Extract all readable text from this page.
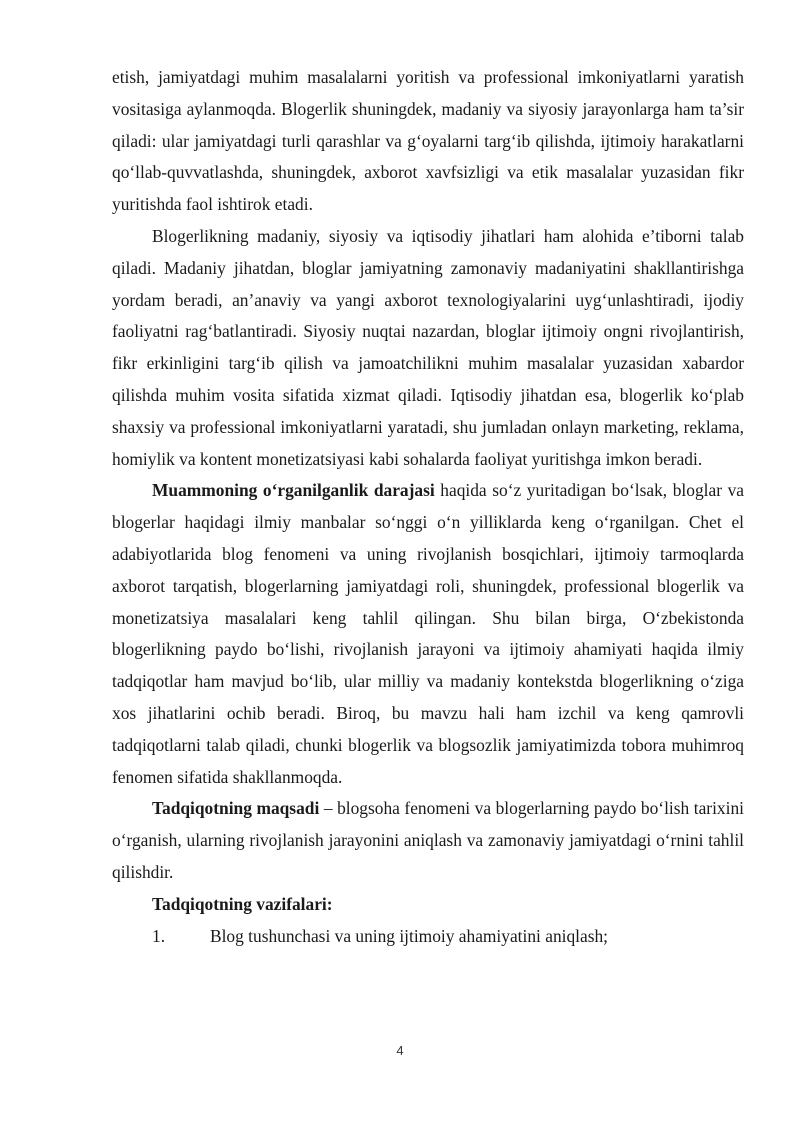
etish, jamiyatdagi muhim masalalarni yoritish va professional imkoniyatlarni yaratish vositasiga aylanmoqda. Blogerlik shuningdek, madaniy va siyosiy jarayonlarga ham ta’sir qiladi: ular jamiyatdagi turli qarashlar va g‘oyalarni targ‘ib qilishda, ijtimoiy harakatlarni qo‘llab-quvvatlashda, shuningdek, axborot xavfsizligi va etik masalalar yuzasidan fikr yuritishda faol ishtirok etadi.

Blogerlikning madaniy, siyosiy va iqtisodiy jihatlari ham alohida e’tiborni talab qiladi. Madaniy jihatdan, bloglar jamiyatning zamonaviy madaniyatini shakllantirishga yordam beradi, an’anaviy va yangi axborot texnologiyalarini uyg‘unlashtiradi, ijodiy faoliyatni rag‘batlantiradi. Siyosiy nuqtai nazardan, bloglar ijtimoiy ongni rivojlantirish, fikr erkinligini targ‘ib qilish va jamoatchilikni muhim masalalar yuzasidan xabardor qilishda muhim vosita sifatida xizmat qiladi. Iqtisodiy jihatdan esa, blogerlik ko‘plab shaxsiy va professional imkoniyatlarni yaratadi, shu jumladan onlayn marketing, reklama, homiylik va kontent monetizatsiyasi kabi sohalarda faoliyat yuritishga imkon beradi.

Muammoning o‘rganilganlik darajasi haqida so‘z yuritadigan bo‘lsak, bloglar va blogerlar haqidagi ilmiy manbalar so‘nggi o‘n yilliklarda keng o‘rganilgan. Chet el adabiyotlarida blog fenomeni va uning rivojlanish bosqichlari, ijtimoiy tarmoqlarda axborot tarqatish, blogerlarning jamiyatdagi roli, shuningdek, professional blogerlik va monetizatsiya masalalari keng tahlil qilingan. Shu bilan birga, O‘zbekistonda blogerlikning paydo bo‘lishi, rivojlanish jarayoni va ijtimoiy ahamiyati haqida ilmiy tadqiqotlar ham mavjud bo‘lib, ular milliy va madaniy kontekstda blogerlikning o‘ziga xos jihatlarini ochib beradi. Biroq, bu mavzu hali ham izchil va keng qamrovli tadqiqotlarni talab qiladi, chunki blogerlik va blogsozlik jamiyatimizda tobora muhimroq fenomen sifatida shakllanmoqda.

Tadqiqotning maqsadi – blogsoha fenomeni va blogerlarning paydo bo‘lish tarixini o‘rganish, ularning rivojlanish jarayonini aniqlash va zamonaviy jamiyatdagi o‘rnini tahlil qilishdir.

Tadqiqotning vazifalari:

1.	Blog tushunchasi va uning ijtimoiy ahamiyatini aniqlash;
4
